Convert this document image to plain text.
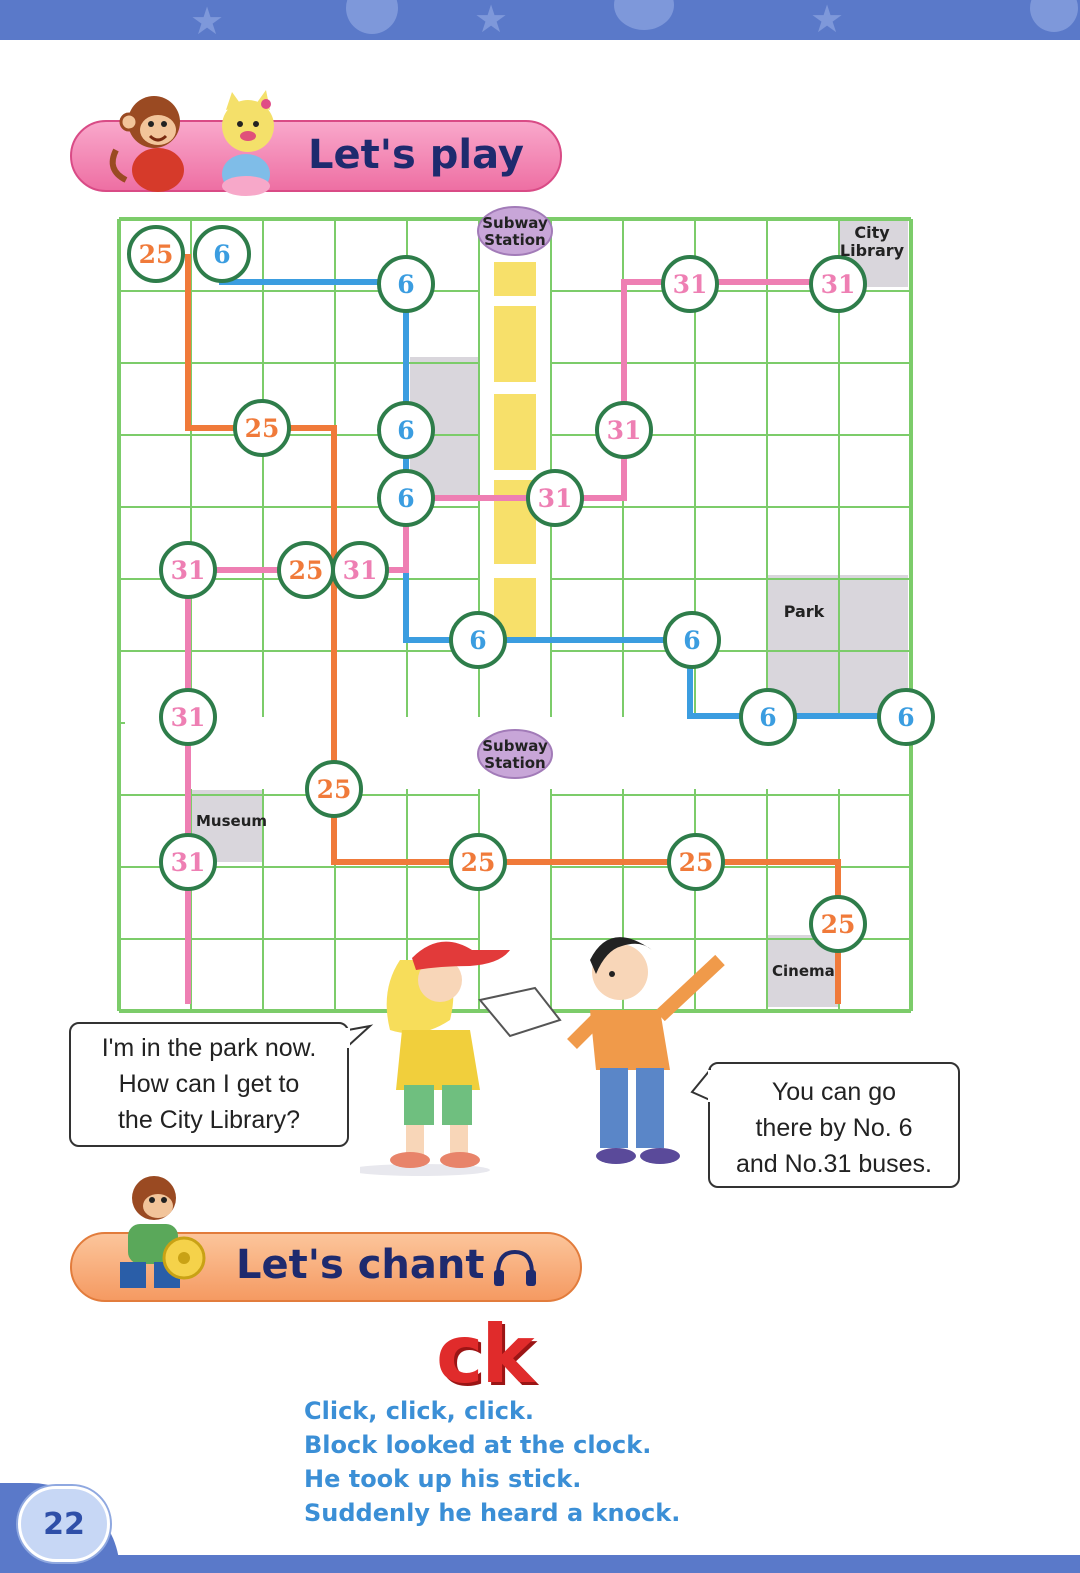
★	★	★
22
Let's play
25 6
6	31	31
25	6	31
6	31
31	25 31
6	6
31	6	6
25
31	25	25
25
Subway
Station
Subway
Station
City
Library
Park
Museum
Cinema
I'm in the park now.
How can I get to
the City Library?
You can go
there by No. 6
and No.31 buses.
Let's chant
ck
Click, click, click.
Block looked at the clock.
He took up his stick.
Suddenly he heard a knock.
